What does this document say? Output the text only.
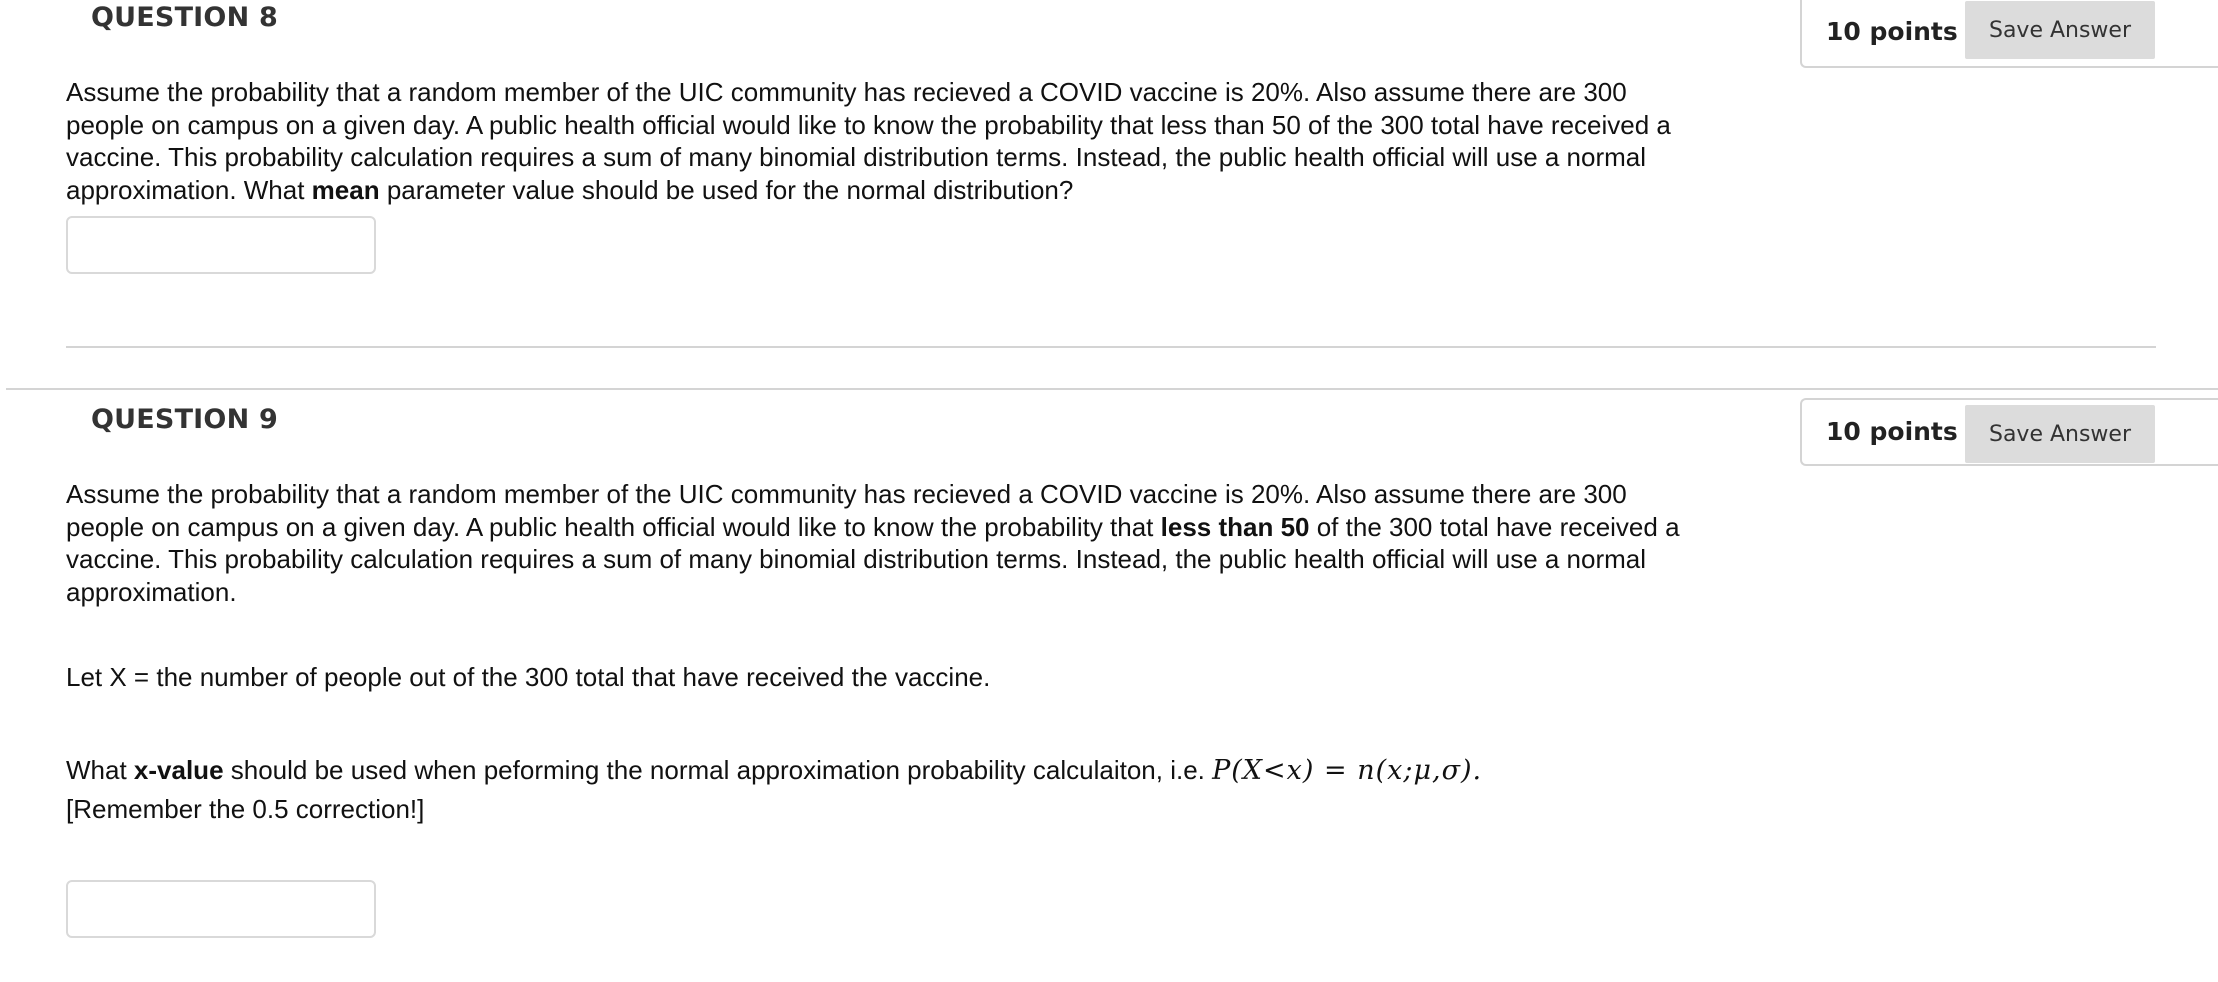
QUESTION 8	10 points	Save Answer

Assume the probability that a random member of the UIC community has recieved a COVID vaccine is 20%. Also assume there are 300 people on campus on a given day. A public health official would like to know the probability that less than 50 of the 300 total have received a vaccine. This probability calculation requires a sum of many binomial distribution terms. Instead, the public health official will use a normal approximation. What mean parameter value should be used for the normal distribution?

QUESTION 9	10 points	Save Answer

Assume the probability that a random member of the UIC community has recieved a COVID vaccine is 20%. Also assume there are 300 people on campus on a given day. A public health official would like to know the probability that less than 50 of the 300 total have received a vaccine. This probability calculation requires a sum of many binomial distribution terms. Instead, the public health official will use a normal approximation.

Let X = the number of people out of the 300 total that have received the vaccine.

What x-value should be used when peforming the normal approximation probability calculaiton, i.e. P(X<x) = n(x;μ,σ).

[Remember the 0.5 correction!]
